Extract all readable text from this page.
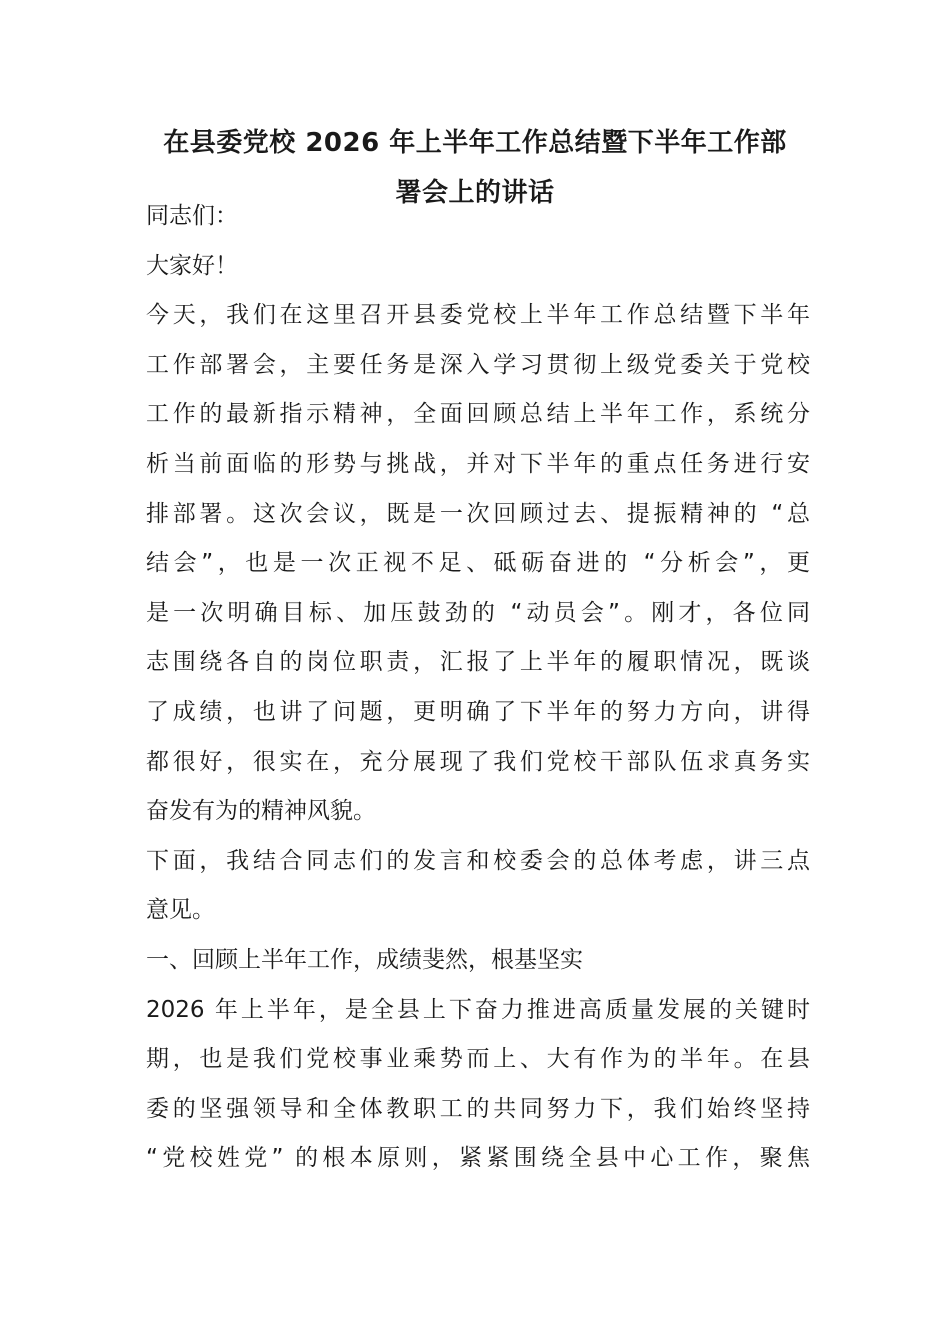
在县委党校 2026 年上半年工作总结暨下半年工作部
署会上的讲话
同志们：
大家好！
今天，我们在这里召开县委党校上半年工作总结暨下半年
工作部署会，主要任务是深入学习贯彻上级党委关于党校
工作的最新指示精神，全面回顾总结上半年工作，系统分
析当前面临的形势与挑战，并对下半年的重点任务进行安
排部署。这次会议，既是一次回顾过去、提振精神的 “总
结会”，也是一次正视不足、砥砺奋进的 “分析会”，更
是一次明确目标、加压鼓劲的 “动员会”。刚才，各位同
志围绕各自的岗位职责，汇报了上半年的履职情况，既谈
了成绩，也讲了问题，更明确了下半年的努力方向，讲得
都很好，很实在，充分展现了我们党校干部队伍求真务实
奋发有为的精神风貌。
下面，我结合同志们的发言和校委会的总体考虑，讲三点
意见。
一、回顾上半年工作，成绩斐然，根基坚实
2026 年上半年，是全县上下奋力推进高质量发展的关键时
期，也是我们党校事业乘势而上、大有作为的半年。在县
委的坚强领导和全体教职工的共同努力下，我们始终坚持
“党校姓党” 的根本原则，紧紧围绕全县中心工作，聚焦
